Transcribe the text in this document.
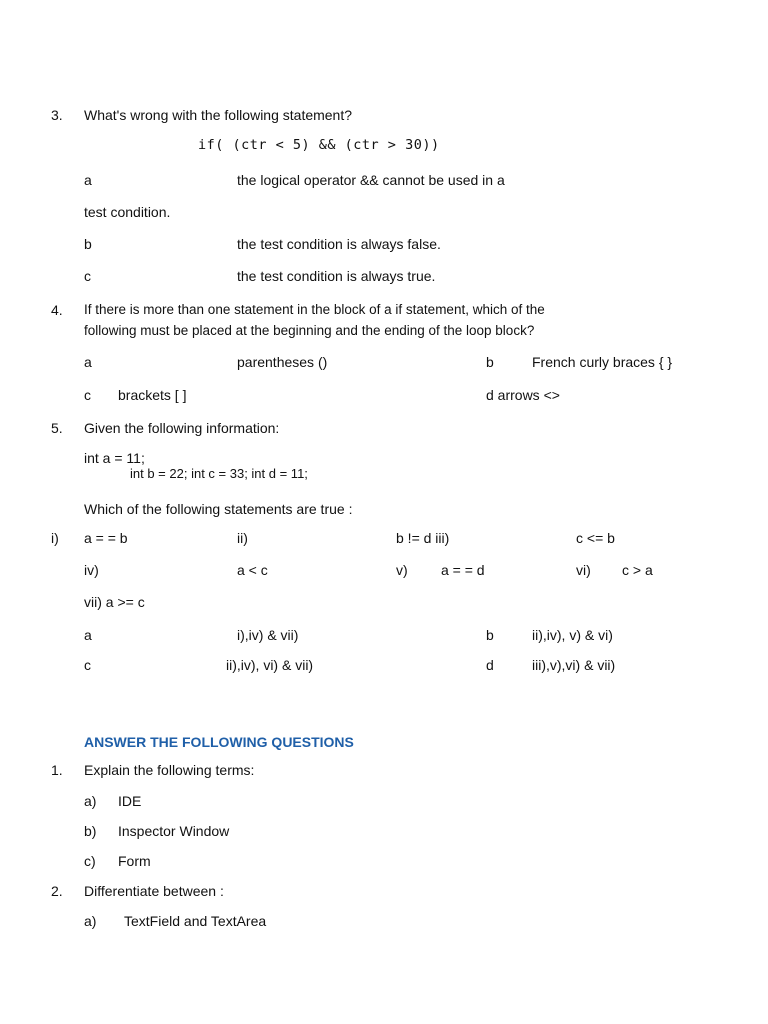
3. What's wrong with the following statement?
if( (ctr < 5) && (ctr > 30))
a	the logical operator && cannot be used in a
test condition.
b	the test condition is always false.
c	the test condition is always true.
4. If there is more than one statement in the block of a if statement, which of the
following must be placed at the beginning and the ending of the loop block?
a	parentheses ()	b	French curly braces { }
c brackets [ ]	d arrows <>
5. Given the following information:
int a = 11;
int b = 22; int c = 33; int d = 11;
Which of the following statements are true :
i) a = = b	ii)	b != d iii)	c <= b
iv)	a < c	v) a = = d	vi) c > a
vii) a >= c
a	i),iv) & vii)	b	ii),iv), v) & vi)
c	ii),iv), vi) & vii)	d	iii),v),vi) & vii)
ANSWER THE FOLLOWING QUESTIONS
1. Explain the following terms:
a) IDE
b) Inspector Window
c) Form
2. Differentiate between :
a) TextField and TextArea
